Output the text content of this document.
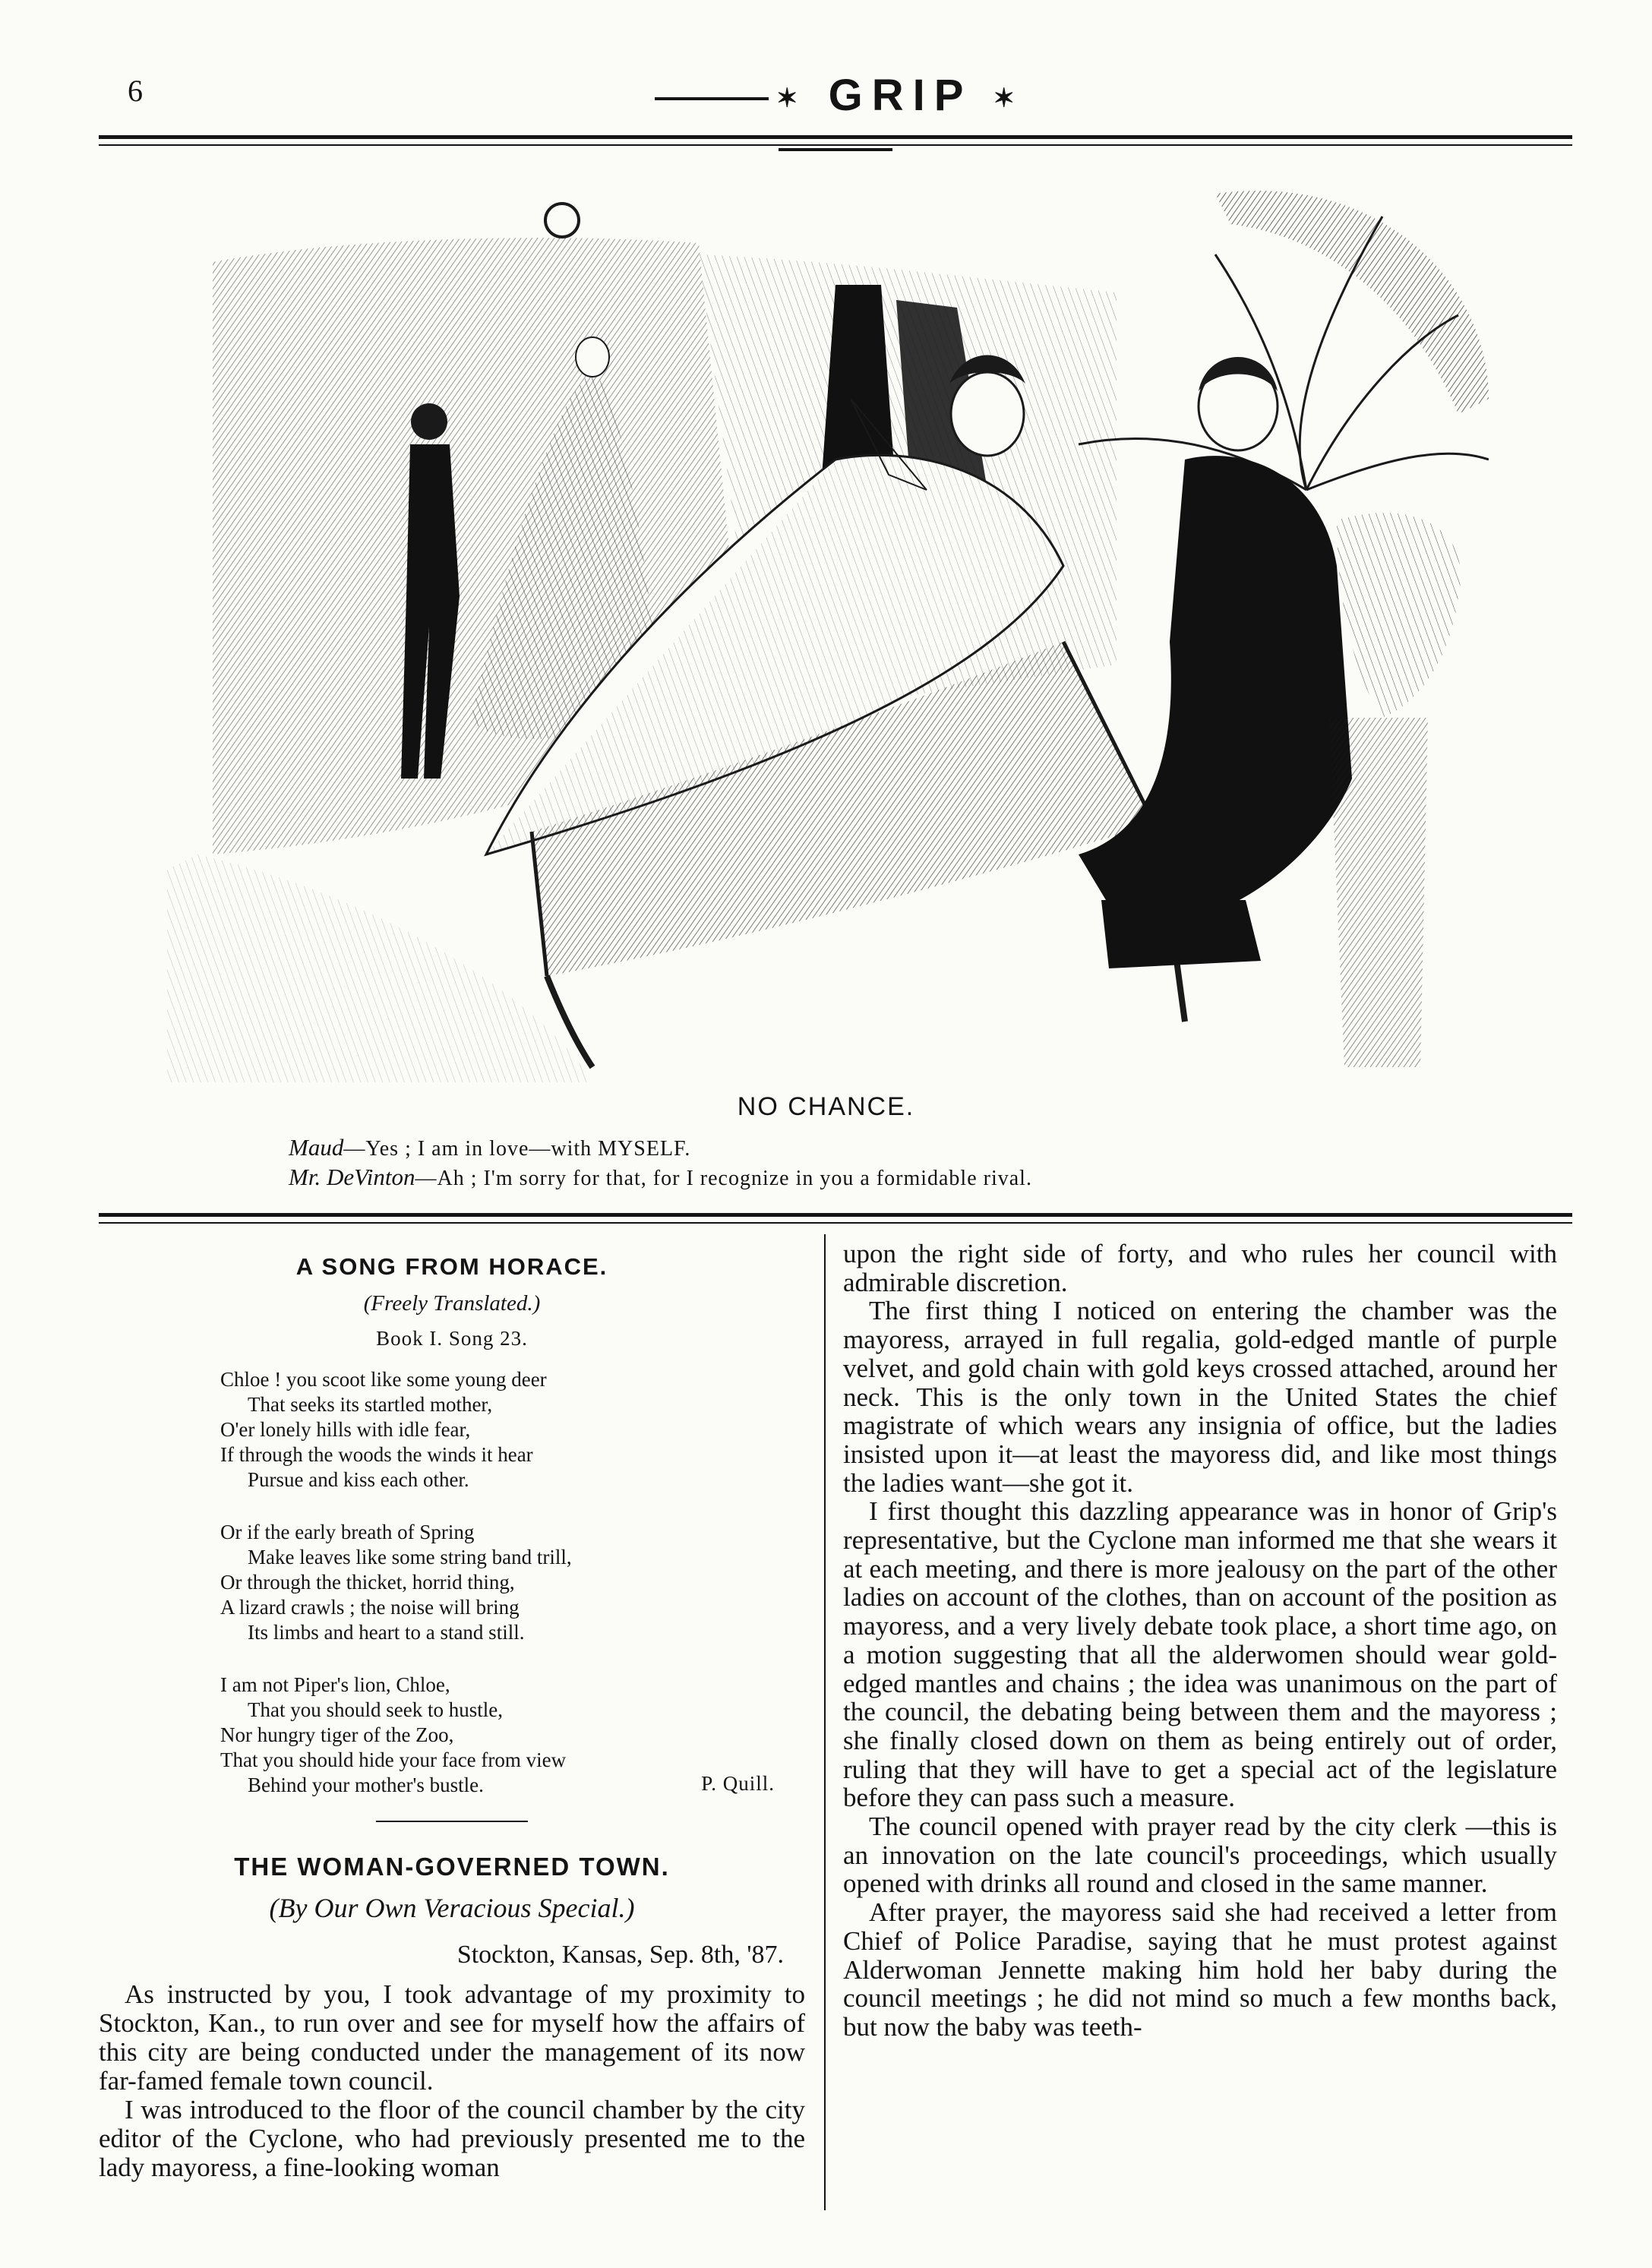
6	✶ GRIP ✶
NO CHANCE.
Maud—Yes ; I am in love—with MYSELF.
Mr. DeVinton—Ah ; I'm sorry for that, for I recognize in you a formidable rival.
A SONG FROM HORACE.

(Freely Translated.)

Book I. Song 23.

Chloe ! you scoot like some young deer
That seeks its startled mother,
O'er lonely hills with idle fear,
If through the woods the winds it hear
Pursue and kiss each other.
Or if the early breath of Spring
Make leaves like some string band trill,
Or through the thicket, horrid thing,
A lizard crawls ; the noise will bring
Its limbs and heart to a stand still.
I am not Piper's lion, Chloe,
That you should seek to hustle,
Nor hungry tiger of the Zoo,
That you should hide your face from view
Behind your mother's bustle.	P. Quill.
THE WOMAN-GOVERNED TOWN.

(By Our Own Veracious Special.)

Stockton, Kansas, Sep. 8th, '87.

As instructed by you, I took advantage of my proximity to Stockton, Kan., to run over and see for myself how the affairs of this city are being conducted under the management of its now far-famed female town council.

I was introduced to the floor of the council chamber by the city editor of the Cyclone, who had previously presented me to the lady mayoress, a fine-looking woman

upon the right side of forty, and who rules her council with admirable discretion.

The first thing I noticed on entering the chamber was the mayoress, arrayed in full regalia, gold-edged mantle of purple velvet, and gold chain with gold keys crossed attached, around her neck. This is the only town in the United States the chief magistrate of which wears any insignia of office, but the ladies insisted upon it—at least the mayoress did, and like most things the ladies want—she got it.

I first thought this dazzling appearance was in honor of Grip's representative, but the Cyclone man informed me that she wears it at each meeting, and there is more jealousy on the part of the other ladies on account of the clothes, than on account of the position as mayoress, and a very lively debate took place, a short time ago, on a motion suggesting that all the alderwomen should wear gold-edged mantles and chains ; the idea was unanimous on the part of the council, the debating being between them and the mayoress ; she finally closed down on them as being entirely out of order, ruling that they will have to get a special act of the legislature before they can pass such a measure.

The council opened with prayer read by the city clerk —this is an innovation on the late council's proceedings, which usually opened with drinks all round and closed in the same manner.

After prayer, the mayoress said she had received a letter from Chief of Police Paradise, saying that he must protest against Alderwoman Jennette making him hold her baby during the council meetings ; he did not mind so much a few months back, but now the baby was teeth-
